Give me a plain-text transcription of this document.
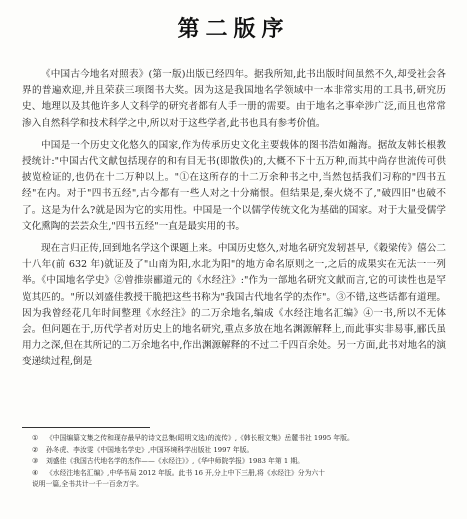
第二版序

《中国古今地名对照表》(第一版)出版已经四年。据我所知,此书出版时间虽然不久,却受社会各界的普遍欢迎,并且荣获三项图书大奖。因为这是我国地名学领域中一本非常实用的工具书,研究历史、地理以及其他许多人文科学的研究者都有人手一册的需要。由于地名之事牵涉广泛,而且也常常渗入自然科学和技术科学之中,所以对于这些学者,此书也具有参考价值。

中国是一个历史文化悠久的国家,作为传承历史文化主要载体的图书浩如瀚海。据故友韩长根教授统计:"中国古代文献包括现存的和有目无书(即散佚)的,大概不下十五万种,而其中尚存世流传可供披览检证的,也仍在十二万种以上。"①在这所存的十二万余种书之中,当然包括我们习称的"四书五经"在内。对于"四书五经",古今都有一些人对之十分痛恨。但结果是,秦火烧不了,"破四旧"也破不了。这是为什么?就是因为它的实用性。中国是一个以儒学传统文化为基础的国家。对于大量受儒学文化熏陶的芸芸众生,"四书五经"一直是最实用的书。

现在言归正传,回到地名学这个课题上来。中国历史悠久,对地名研究发轫甚早,《穀梁传》僖公二十八年(前 632 年)就证及了"山南为阳,水北为阳"的地方命名原则之一,之后的成果实在无法一一列举。《中国地名学史》②曾推崇郦道元的《水经注》:"作为一部地名研究文献而言,它的可读性也是罕览其匹的。"所以刘盛佳教授干脆把这些书称为"我国古代地名学的杰作"。③不错,这些话都有道理。因为我曾经花几年时间整理《水经注》的二万余地名,编成《水经注地名汇编》④一书,所以不无体会。但问题在于,历代学者对历史上的地名研究,重点多放在地名渊源解释上,而此事实非易事,郦氏虽用力之深,但在其所记的二万余地名中,作出渊源解释的不过二千四百余处。另一方面,此书对地名的演变递续过程,倒是

① 《中国编纂文集之传和现存最早的诗文总集(昭明文选)的流传》,《韩长根文集》岳麓书社 1995 年版。

② 孙冬虎、李汝雯《中国地名学史》,中国环境科学出版社 1997 年版。

③ 刘盛佳《我国古代地名学的杰作——《水经注》》,《华中师院学报》1983 年第 1 期。

④ 《水经注地名汇编》,中华书局 2012 年版。此书 16 开,分上中下三册,将《水经注》分为六十

说明一篇,全书共计一千一百余万字。
